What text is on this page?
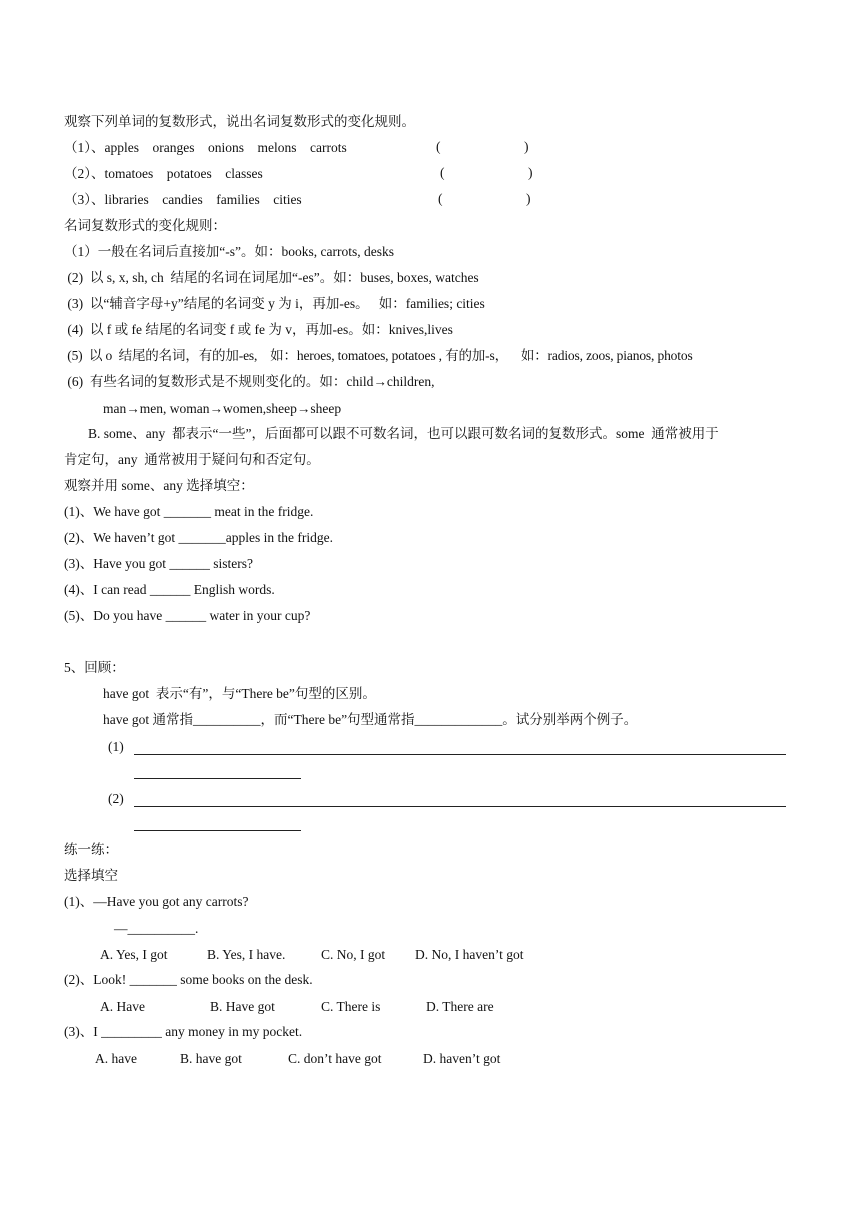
观察下列单词的复数形式，说出名词复数形式的变化规则。
（1）、apples    oranges    onions    melons    carrots	(	)
（2）、tomatoes    potatoes    classes	(	)
（3）、libraries    candies    families    cities	(	)
名词复数形式的变化规则：
（1）一般在名词后直接加“-s”。如：books, carrots, desks
(2)  以 s, x, sh, ch  结尾的名词在词尾加“-es”。如：buses, boxes, watches
(3)  以“辅音字母+y”结尾的名词变 y 为 i，再加-es。   如：families; cities
(4)  以 f 或 fe 结尾的名词变 f 或 fe 为 v，再加-es。如：knives,lives
(5)  以 o  结尾的名词，有的加-es,    如：heroes, tomatoes, potatoes , 有的加-s，    如：radios, zoos, pianos, photos
(6)  有些名词的复数形式是不规则变化的。如：child→children,
man→men, woman→women,sheep→sheep
B. some、any  都表示“一些”，后面都可以跟不可数名词，也可以跟可数名词的复数形式。some  通常被用于
肯定句，any  通常被用于疑问句和否定句。
观察并用 some、any 选择填空：
(1)、We have got _______ meat in the fridge.
(2)、We haven’t got _______apples in the fridge.
(3)、Have you got ______ sisters?
(4)、I can read ______ English words.
(5)、Do you have ______ water in your cup?
5、回顾：
have got  表示“有”，与“There be”句型的区别。
have got 通常指__________，而“There be”句型通常指_____________。试分别举两个例子。
(1)
(2)
练一练：
选择填空
(1)、—Have you got any carrots?
—__________.
A. Yes, I got	B. Yes, I have.	C. No, I got D. No, I haven’t got
(2)、Look! _______ some books on the desk.
A. Have	B. Have got	C. There is	D. There are
(3)、I _________ any money in my pocket.
A. have	B. have got	C. don’t have got	D. haven’t got
